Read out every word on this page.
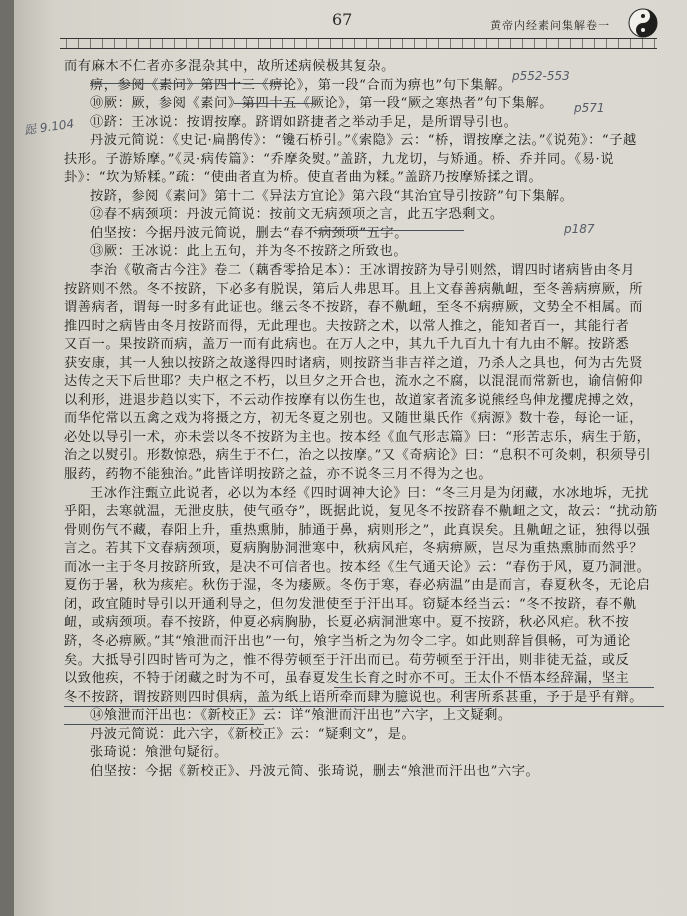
67	黄帝内经素问集解卷一

而有麻木不仁者亦多混杂其中，故所述病候极其复杂。

痹，参阅《素问》第四十三《痹论》，第一段“合而为痹也”句下集解。

⑩厥：厥，参阅《素问》第四十五《厥论》，第一段“厥之寒热者”句下集解。

⑪跻：王冰说：按谓按摩。跻谓如跻捷者之举动手足，是所谓导引也。

丹波元简说：《史记·扁鹊传》：“镵石桥引。”《索隐》云：“桥，谓按摩之法。”《说苑》：“子越

扶形。子游矫摩。”《灵·病传篇》：“乔摩灸熨。”盖跻，九龙切，与矫通。桥、乔并同。《易·说

卦》：“坎为矫糅。”疏：“使曲者直为桥。使直者曲为糅。”盖跻乃按摩矫揉之谓。

按跻，参阅《素问》第十二《异法方宜论》第六段“其治宜导引按跻”句下集解。

⑫春不病颈项：丹波元简说：按前文无病颈项之言，此五字恐剩文。

伯坚按：今据丹波元简说，删去“春不病颈项”五字。

⑬厥：王冰说：此上五句，并为冬不按跻之所致也。

李治《敬斋古今注》卷二（藕香零拾足本）：王冰谓按跻为导引则然，谓四时诸病皆由冬月

按跻则不然。冬不按跻，下必多有脱误，第后人弗思耳。且上文春善病鼽衄，至冬善病痹厥，所

谓善病者，谓每一时多有此证也。继云冬不按跻，春不鼽衄，至冬不病痹厥，文势全不相属。而

推四时之病皆由冬月按跻而得，无此理也。夫按跻之术，以常人推之，能知者百一，其能行者

又百一。果按跻而病，盖万一而有此病也。在万人之中，其九千九百九十有九由不解。按跻悉

获安康，其一人独以按跻之故遂得四时诸病，则按跻当非吉祥之道，乃杀人之具也，何为古先贤

达传之天下后世耶？夫户枢之不朽，以旦夕之开合也，流水之不腐，以混混而常新也，谕信俯仰

以利形，进退步趋以实下，不云动作按摩有以伤生也，故道家者流多说熊经鸟伸龙攫虎搏之效，

而华佗常以五禽之戏为将摄之方，初无冬夏之别也。又随世巢氏作《病源》数十卷，每论一证，

必处以导引一术，亦未尝以冬不按跻为主也。按本经《血气形志篇》曰：“形苦志乐，病生于筋，

治之以熨引。形数惊恐，病生于不仁，治之以按摩。”又《奇病论》曰：“息积不可灸刺，积须导引

服药，药物不能独治。”此皆详明按跻之益，亦不说冬三月不得为之也。

王冰作注甄立此说者，必以为本经《四时调神大论》曰：“冬三月是为闭藏，水冰地坼，无扰

乎阳，去寒就温，无泄皮肤，使气亟夺”，既据此说，复见冬不按跻春不鼽衄之文，故云：“扰动筋

骨则伤气不藏，春阳上升，重热熏肺，肺通于鼻，病则形之”，此真误矣。且鼽衄之证，独得以强

言之。若其下文春病颈项，夏病胸胁洞泄寒中，秋病风疟，冬病痹厥，岂尽为重热熏肺而然乎？

而冰一主于冬月按跻所致，是决不可信者也。按本经《生气通天论》云：“春伤于风，夏乃洞泄。

夏伤于暑，秋为痎疟。秋伤于湿，冬为痿厥。冬伤于寒，春必病温”由是而言，春夏秋冬，无论启

闭，政宜随时导引以开通利导之，但勿发泄使至于汗出耳。窃疑本经当云：“冬不按跻，春不鼽

衄，或病颈项。春不按跻，仲夏必病胸胁，长夏必病洞泄寒中。夏不按跻，秋必风疟。秋不按

跻，冬必痹厥。”其“飧泄而汗出也”一句，飧字当析之为勿令二字。如此则辞旨俱畅，可为通论

矣。大抵导引四时皆可为之，惟不得劳顿至于汗出而已。苟劳顿至于汗出，则非徒无益，或反

以致他疾，不特于闭藏之时为不可，虽春夏发生长育之时亦不可。王太仆不悟本经辞漏，坚主

冬不按跻，谓按跻则四时俱病，盖为纸上语所牵而肆为臆说也。利害所系甚重，予于是乎有辩。

⑭飧泄而汗出也：《新校正》云：详“飧泄而汗出也”六字，上文疑剩。

丹波元简说：此六字，《新校正》云：“疑剩文”，是。

张琦说：飧泄句疑衍。

伯坚按：今据《新校正》、丹波元简、张琦说，删去“飧泄而汗出也”六字。

p552-553
p571
p187
跽 9.104
